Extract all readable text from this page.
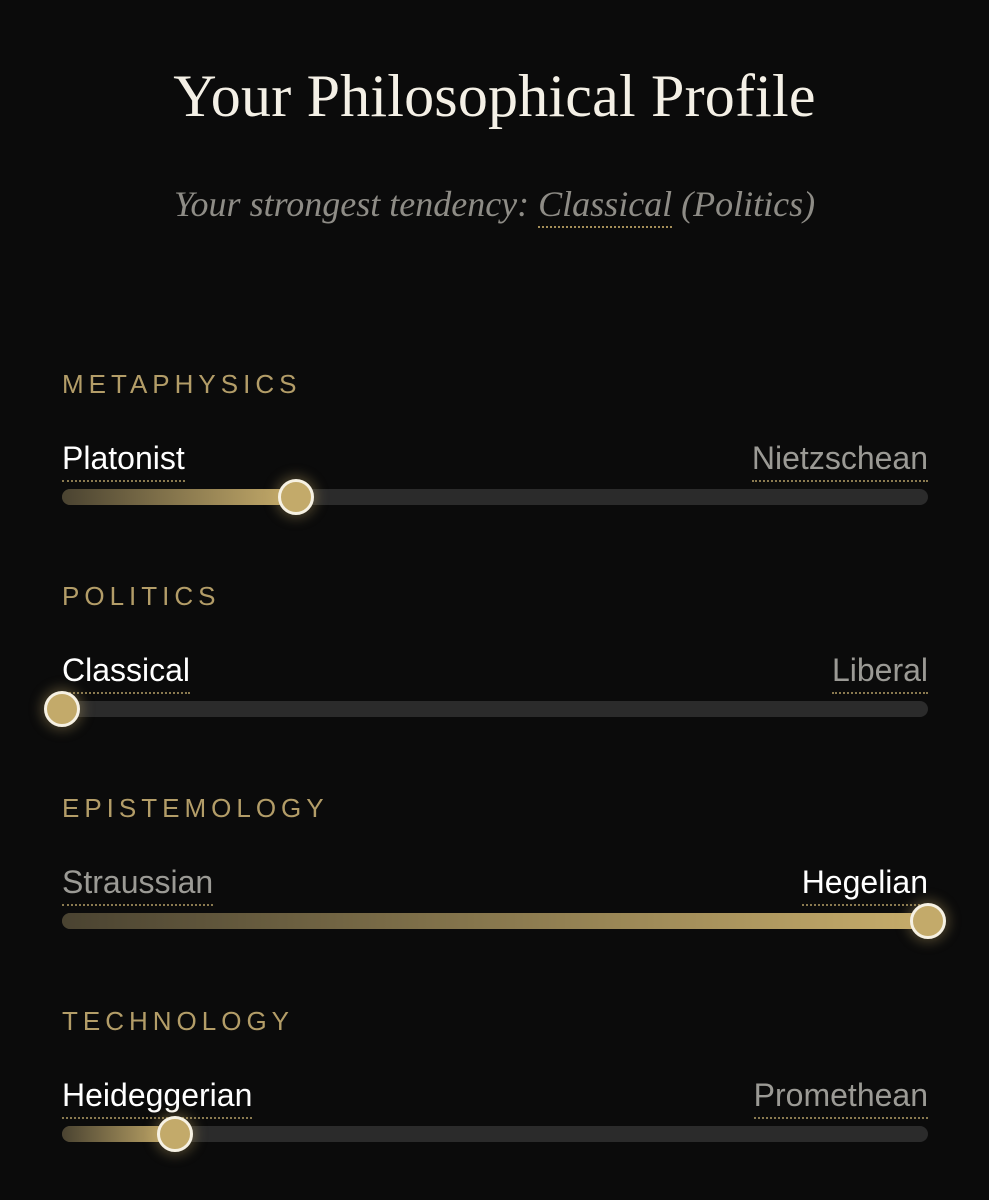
Your Philosophical Profile
Your strongest tendency: Classical (Politics)
METAPHYSICS
Platonist	Nietzschean
POLITICS
Classical	Liberal
EPISTEMOLOGY
Straussian	Hegelian
TECHNOLOGY
Heideggerian	Promethean
